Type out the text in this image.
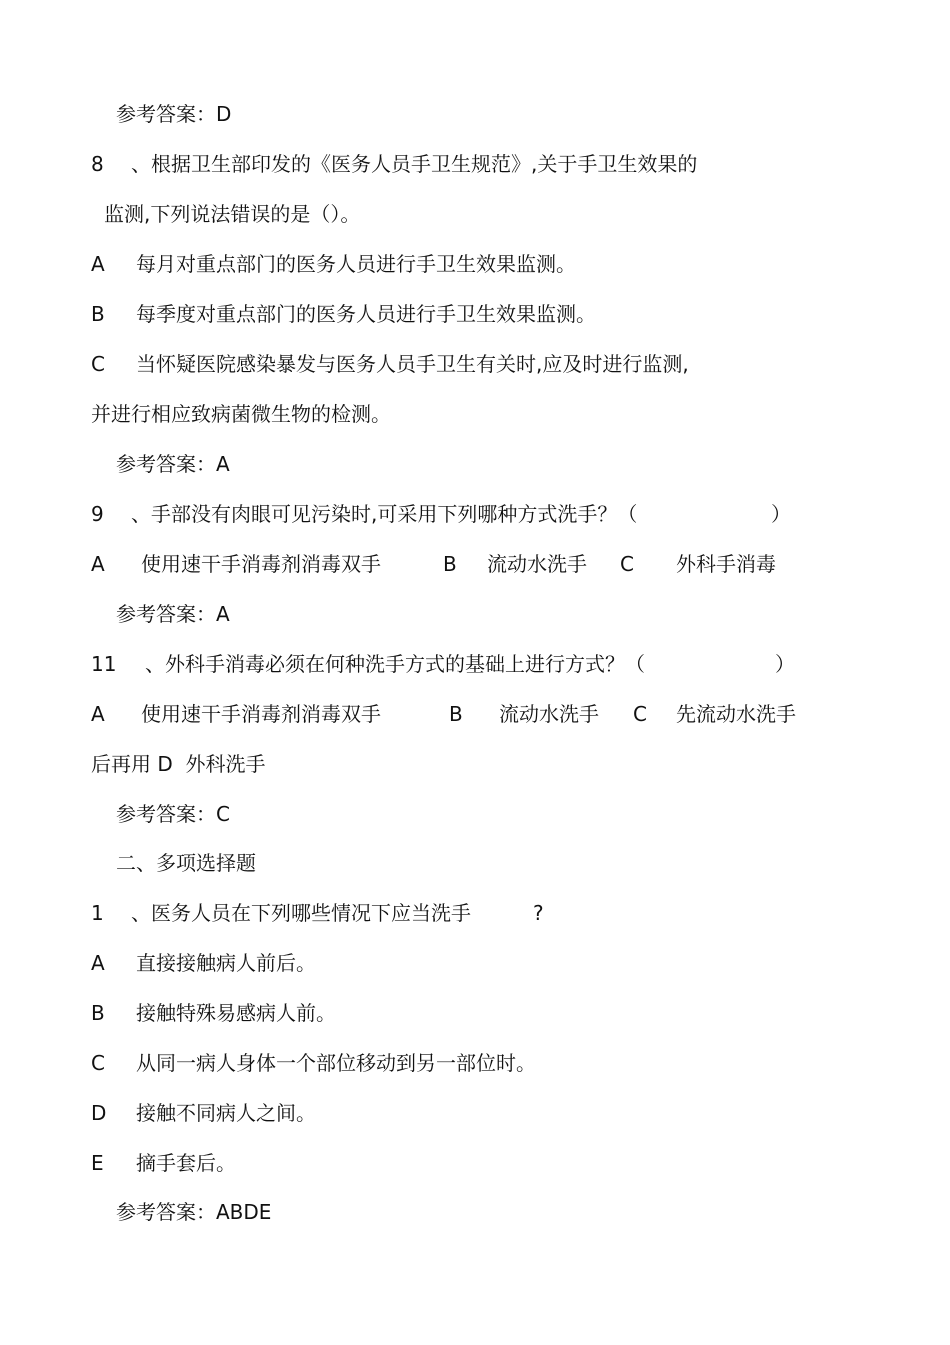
参考答案：D

8

、根据卫生部印发的《医务人员手卫生规范》,关于手卫生效果的

监测,下列说法错误的是（）。

A

每月对重点部门的医务人员进行手卫生效果监测。

B

每季度对重点部门的医务人员进行手卫生效果监测。

C

当怀疑医院感染暴发与医务人员手卫生有关时,应及时进行监测,

并进行相应致病菌微生物的检测。
参考答案：A

9

、手部没有肉眼可见污染时,可采用下列哪种方式洗手？（

	）

A

使用速干手消毒剂消毒双手

	B

流动水洗手

C

外科手消毒

参考答案：A

11

、外科手消毒必须在何种洗手方式的基础上进行方式？（

	）

A

使用速干手消毒剂消毒双手

	B

流动水洗手

C

先流动水洗手

后再用 D  外科洗手
参考答案：C
二、多项选择题

1

、医务人员在下列哪些情况下应当洗手

	?

A

直接接触病人前后。

B

接触特殊易感病人前。

C

从同一病人身体一个部位移动到另一部位时。

D

接触不同病人之间。

E

摘手套后。

参考答案：ABDE
